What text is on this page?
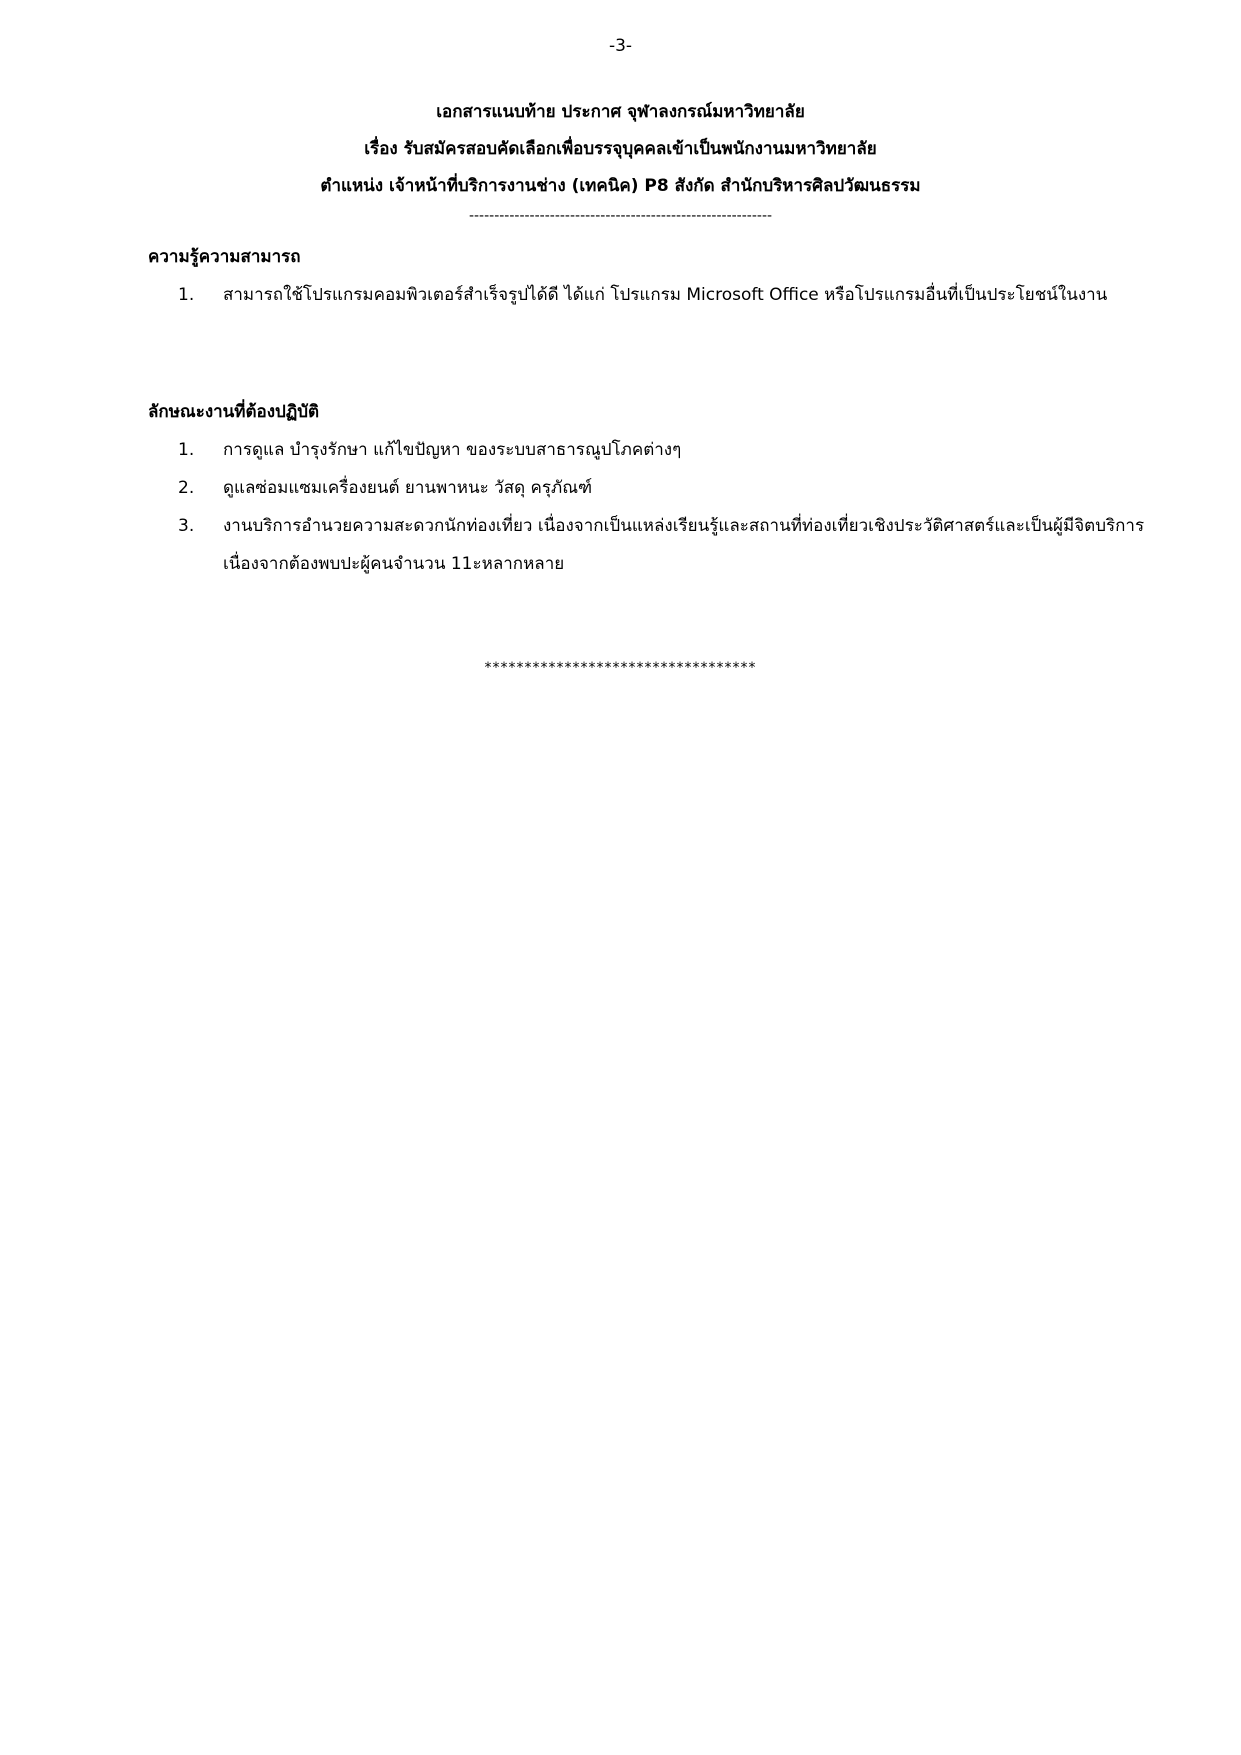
-3-
เอกสารแนบท้าย ประกาศ จุฬาลงกรณ์มหาวิทยาลัย
เรื่อง รับสมัครสอบคัดเลือกเพื่อบรรจุบุคคลเข้าเป็นพนักงานมหาวิทยาลัย
ตำแหน่ง เจ้าหน้าที่บริการงานช่าง (เทคนิค) P8 สังกัด สำนักบริหารศิลปวัฒนธรรม
------------------------------------------------------------
ความรู้ความสามารถ
1. สามารถใช้โปรแกรมคอมพิวเตอร์สำเร็จรูปได้ดี ได้แก่ โปรแกรม Microsoft Office หรือโปรแกรมอื่นที่เป็นประโยชน์ในงาน
ลักษณะงานที่ต้องปฏิบัติ
1. การดูแล บำรุงรักษา แก้ไขปัญหา ของระบบสาธารณูปโภคต่างๆ
2. ดูแลซ่อมแซมเครื่องยนต์ ยานพาหนะ วัสดุ ครุภัณฑ์
3. งานบริการอำนวยความสะดวกนักท่องเที่ยว เนื่องจากเป็นแหล่งเรียนรู้และสถานที่ท่องเที่ยวเชิงประวัติศาสตร์และเป็นผู้มีจิตบริการ เนื่องจากต้องพบปะผู้คนจำนวน 11ะหลากหลาย
**********************************
